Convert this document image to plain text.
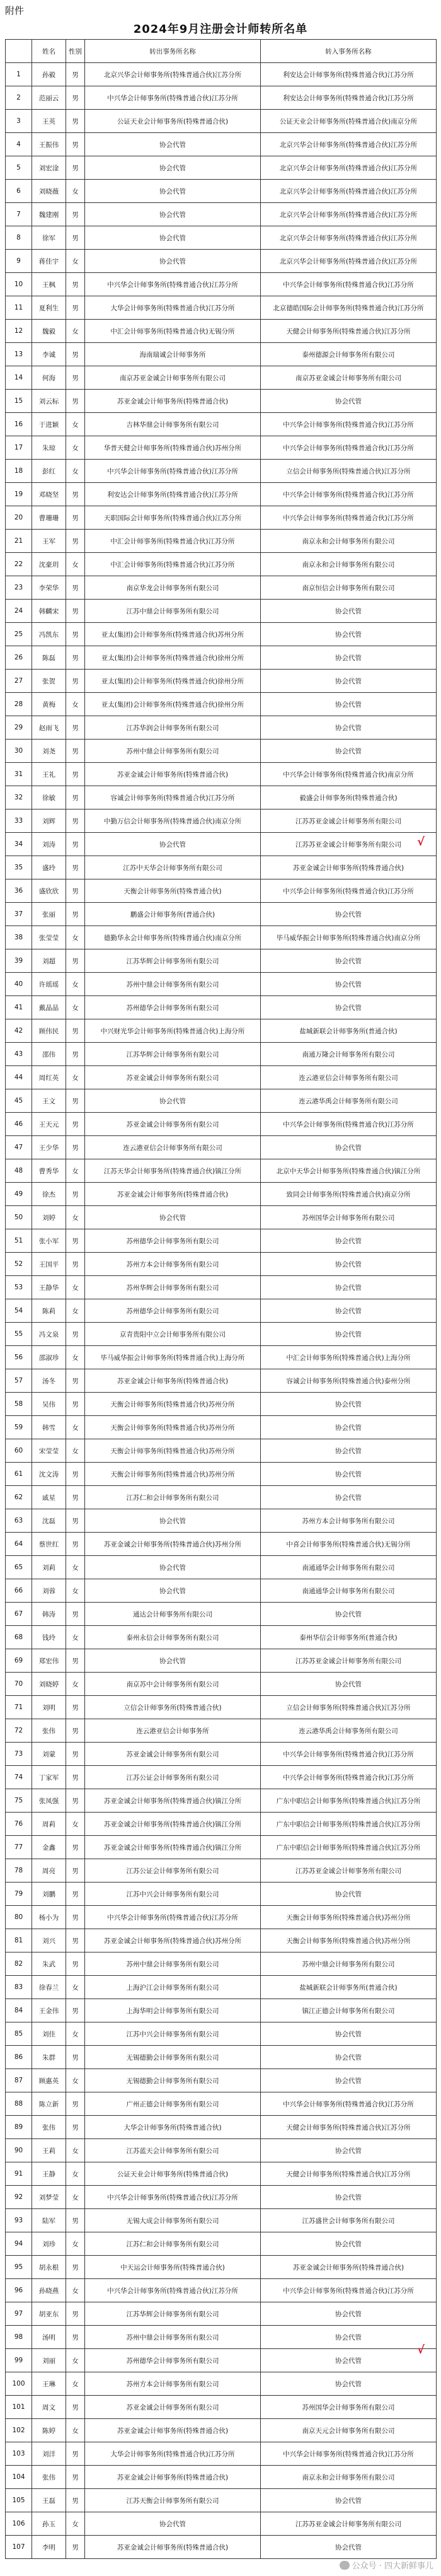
附件
2024年9月注册会计师转所名单
	姓名	性别	转出事务所名称	转入事务所名称
1	孙毅	男	北京兴华会计师事务所(特殊普通合伙)江苏分所	利安达会计师事务所(特殊普通合伙)江苏分所
2	范丽云	男	中兴华会计师事务所(特殊普通合伙)江苏分所	利安达会计师事务所(特殊普通合伙)江苏分所
3	王英	男	公证天业会计师事务所(特殊普通合伙)	公证天业会计师事务所(特殊普通合伙)南京分所
4	王振伟	男	协会代管	北京兴华会计师事务所(特殊普通合伙)江苏分所
5	刘宏淦	男	协会代管	北京兴华会计师事务所(特殊普通合伙)江苏分所
6	刘晓薇	女	协会代管	北京兴华会计师事务所(特殊普通合伙)江苏分所
7	魏建刚	男	协会代管	北京兴华会计师事务所(特殊普通合伙)江苏分所
8	徐军	男	协会代管	北京兴华会计师事务所(特殊普通合伙)江苏分所
9	蒋佳宇	女	协会代管	北京兴华会计师事务所(特殊普通合伙)江苏分所
10	王枫	男	中兴华会计师事务所(特殊普通合伙)江苏分所	中兴华会计师事务所(特殊普通合伙)江苏分所
11	夏利生	男	大华会计师事务所(特殊普通合伙)江苏分所	北京德皓国际会计师事务所(特殊普通合伙)江苏分所
12	魏毅	女	中汇会计师事务所(特殊普通合伙)无锡分所	天健会计师事务所(特殊普通合伙)江苏分所
13	李诚	男	海南瑞诚会计师事务所	泰州德源会计师事务所有限公司
14	何海	男	南京苏亚金诚会计师事务所有限公司	南京苏亚金诚会计师事务所有限公司
15	刘云标	男	苏亚金诚会计师事务所(特殊普通合伙)	协会代管
16	于进颖	女	吉林华鼎会计师事务所有限公司	中兴华会计师事务所(特殊普通合伙)江苏分所
17	朱琼	女	华普天健会计师事务所(特殊普通合伙)苏州分所	中兴华会计师事务所(特殊普通合伙)江苏分所
18	彭红	女	中兴华会计师事务所(特殊普通合伙)江苏分所	立信会计师事务所(特殊普通合伙)江苏分所
19	邓晓坚	男	利安达会计师事务所(特殊普通合伙)江苏分所	中兴华会计师事务所(特殊普通合伙)江苏分所
20	曹珊珊	男	天职国际会计师事务所(特殊普通合伙)江苏分所	中兴华会计师事务所(特殊普通合伙)江苏分所
21	王军	男	中汇会计师事务所(特殊普通合伙)江苏分所	南京永和会计师事务所有限公司
22	沈豪玥	女	中汇会计师事务所(特殊普通合伙)江苏分所	南京永和会计师事务所有限公司
23	李荣华	男	南京华龙会计师事务所有限公司	南京恒信会计师事务所有限公司
24	韩麟宋	男	江苏中鼎会计师事务所有限公司	协会代管
25	冯凯东	男	亚太(集团)会计师事务所(特殊普通合伙)苏州分所	协会代管
26	陈磊	男	亚太(集团)会计师事务所(特殊普通合伙)徐州分所	协会代管
27	张贺	男	亚太(集团)会计师事务所(特殊普通合伙)徐州分所	协会代管
28	黄梅	女	亚太(集团)会计师事务所(特殊普通合伙)徐州分所	协会代管
29	赵雨飞	男	江苏华润会计师事务所有限公司	协会代管
30	刘尧	男	苏州中鼎会计师事务所有限公司	协会代管
31	王礼	男	苏亚金诚会计师事务所(特殊普通合伙)	中兴华会计师事务所(特殊普通合伙)南京分所
32	徐敏	男	容诚会计师事务所(特殊普通合伙)江苏分所	毅盛会计师事务所(特殊普通合伙)
33	刘辉	男	中勤万信会计师事务所(特殊普通合伙)南京分所	江苏苏亚金诚会计师事务所有限公司
34	刘涛	男	协会代管	江苏苏亚金诚会计师事务所有限公司
35	盛玲	男	江苏中天华会计师事务所有限公司	苏亚金诚会计师事务所(特殊普通合伙)
36	盛欣欣	男	天衡会计师事务所(特殊普通合伙)	中兴华会计师事务所(特殊普通合伙)江苏分所
37	张丽	男	鹏盛会计师事务所(普通合伙)	协会代管
38	张莹莹	女	德勤华永会计师事务所(特殊普通合伙)南京分所	毕马威华振会计师事务所(特殊普通合伙)南京分所
39	刘超	男	江苏华辉会计师事务所有限公司	协会代管
40	许瑶瑶	女	苏州中鼎会计师事务所有限公司	协会代管
41	戴晶晶	女	苏州德华会计师事务所有限公司	协会代管
42	顾伟民	男	中兴财光华会计师事务所(特殊普通合伙)上海分所	盐城新联会计师事务所(普通合伙)
43	邵伟	男	江苏华辉会计师事务所有限公司	南通万隆会计师事务所有限公司
44	周红英	女	苏亚金诚会计师事务所有限公司	连云港亚信会计师事务所有限公司
45	王文	男	协会代管	连云港华禹会计师事务所有限公司
46	王天元	男	苏亚金诚会计师事务所有限公司	中兴华会计师事务所(特殊普通合伙)江苏分所
47	王少华	男	连云港亚信会计师事务所有限公司	协会代管
48	曹秀华	女	江苏天华会计师事务所(特殊普通合伙)镇江分所	北京中天华会计师事务所(特殊普通合伙)镇江分所
49	徐杰	男	苏亚金诚会计师事务所(特殊普通合伙)	致同会计师事务所(特殊普通合伙)南京分所
50	刘婷	女	协会代管	苏州国华会计师事务所有限公司
51	张小军	男	苏州德华会计师事务所有限公司	协会代管
52	王国平	男	苏州方本会计师事务所有限公司	协会代管
53	王静华	女	苏州华辉会计师事务所有限公司	协会代管
54	陈莉	女	苏州德华会计师事务所有限公司	协会代管
55	冯文泉	男	京青贵阳中立会计师事务所有限公司	协会代管
56	邵淑珍	女	毕马威华振会计师事务所(特殊普通合伙)上海分所	中汇会计师事务所(特殊普通合伙)上海分所
57	汤冬	男	苏亚金诚会计师事务所(特殊普通合伙)	容诚会计师事务所(特殊普通合伙)泰州分所
58	吴伟	男	天衡会计师事务所(特殊普通合伙)苏州分所	协会代管
59	韩雪	女	天衡会计师事务所(特殊普通合伙)苏州分所	协会代管
60	宋莹莹	女	天衡会计师事务所(特殊普通合伙)苏州分所	协会代管
61	沈文涛	男	天衡会计师事务所(特殊普通合伙)苏州分所	协会代管
62	戚星	男	江苏仁和会计师事务所有限公司	协会代管
63	沈磊	男	协会代管	苏州方本会计师事务所有限公司
64	蔡世红	男	苏亚金诚会计师事务所(特殊普通合伙)苏州分所	中喜会计师事务所(特殊普通合伙)无锡分所
65	刘莉	女	协会代管	南通通华会计师事务所有限公司
66	刘蓉	女	协会代管	南通通华会计师事务所有限公司
67	韩涛	男	通达会计师事务所有限公司	协会代管
68	钱玲	女	泰州永信会计师事务所有限公司	泰州华信会计师事务所(普通合伙)
69	郑宏伟	男	协会代管	江苏苏亚金诚会计师事务所有限公司
70	刘晓婷	女	南京苏中会计师事务所有限公司	协会代管
71	刘明	男	立信会计师事务所(特殊普通合伙)	立信会计师事务所(特殊普通合伙)江苏分所
72	张伟	男	连云港亚信会计师事务所	连云港华禹会计师事务所有限公司
73	刘蒙	男	苏亚金诚会计师事务所有限公司	中兴华会计师事务所(特殊普通合伙)江苏分所
74	丁家军	男	江苏公证会计师事务所有限公司	中兴华会计师事务所(特殊普通合伙)江苏分所
75	张凤强	男	苏亚金诚会计师事务所(特殊普通合伙)镇江分所	广东中职信会计师事务所(特殊普通合伙)江苏分所
76	周莉	女	苏亚金诚会计师事务所(特殊普通合伙)镇江分所	广东中职信会计师事务所(特殊普通合伙)江苏分所
77	金鑫	男	苏亚金诚会计师事务所(特殊普通合伙)镇江分所	广东中职信会计师事务所(特殊普通合伙)江苏分所
78	周亮	男	江苏公证会计师事务所有限公司	江苏苏亚金诚会计师事务所有限公司
79	刘鹏	男	江苏中兴会计师事务所有限公司	协会代管
80	杨小为	男	中兴华会计师事务所(特殊普通合伙)江苏分所	天衡会计师事务所(特殊普通合伙)苏州分所
81	刘兴	男	苏亚金诚会计师事务所(特殊普通合伙)苏州分所	天衡会计师事务所(特殊普通合伙)苏州分所
82	朱武	男	苏州中鼎会计师事务所有限公司	苏州中鼎会计师事务所有限公司
83	徐春兰	女	上海沪江会计师事务所有限公司	盐城新联会计师事务所(普通合伙)
84	王金伟	男	上海华明会计师事务所有限公司	镇江正德会计师事务所有限公司
85	刘佳	女	江苏中兴会计师事务所有限公司	协会代管
86	朱群	男	无锡德勤会计师事务所有限公司	协会代管
87	顾惠英	女	无锡德勤会计师事务所有限公司	协会代管
88	陈立新	男	广州正德会计师事务所有限公司	中兴华会计师事务所(特殊普通合伙)江苏分所
89	张伟	男	大华会计师事务所(特殊普通合伙)	天健会计师事务所(特殊普通合伙)江苏分所
90	王莉	女	江苏蓝天会计师事务所有限公司	协会代管
91	王静	女	公证天业会计师事务所(特殊普通合伙)	天健会计师事务所(特殊普通合伙)江苏分所
92	刘梦莹	女	中兴华会计师事务所(特殊普通合伙)江苏分所	协会代管
93	陆军	男	无锡大成会计师事务所有限公司	江苏盛世会计师事务所有限公司
94	刘珍	女	江苏仁和会计师事务所有限公司	协会代管
95	胡永根	男	中天运会计师事务所(特殊普通合伙)	苏亚金诚会计师事务所(特殊普通合伙)
96	孙晓燕	女	中兴华会计师事务所(特殊普通合伙)江苏分所	中兴华会计师事务所(特殊普通合伙)江苏分所
97	胡亚东	男	江苏华辉会计师事务所有限公司	协会代管
98	汤明	男	苏州中鼎会计师事务所有限公司	协会代管
99	刘丽	女	苏州德华会计师事务所有限公司	协会代管
100	王琳	女	苏州方本会计师事务所有限公司	协会代管
101	周文	男	苏亚金诚会计师事务所有限公司	苏州国华会计师事务所有限公司
102	陈婷	女	苏亚金诚会计师事务所(特殊普通合伙)	南京天元会计师事务所有限公司
103	刘洋	男	大华会计师事务所(特殊普通合伙)江苏分所	中兴华会计师事务所(特殊普通合伙)江苏分所
104	张伟	男	苏亚金诚会计师事务所(特殊普通合伙)	南京永和会计师事务所有限公司
105	王磊	男	江苏天衡会计师事务所有限公司	协会代管
106	孙玉	女	协会代管	江苏苏亚金诚会计师事务所有限公司
107	李明	男	苏亚金诚会计师事务所(特殊普通合伙)	协会代管
√
√
公众号 · 四大新鲜事儿
